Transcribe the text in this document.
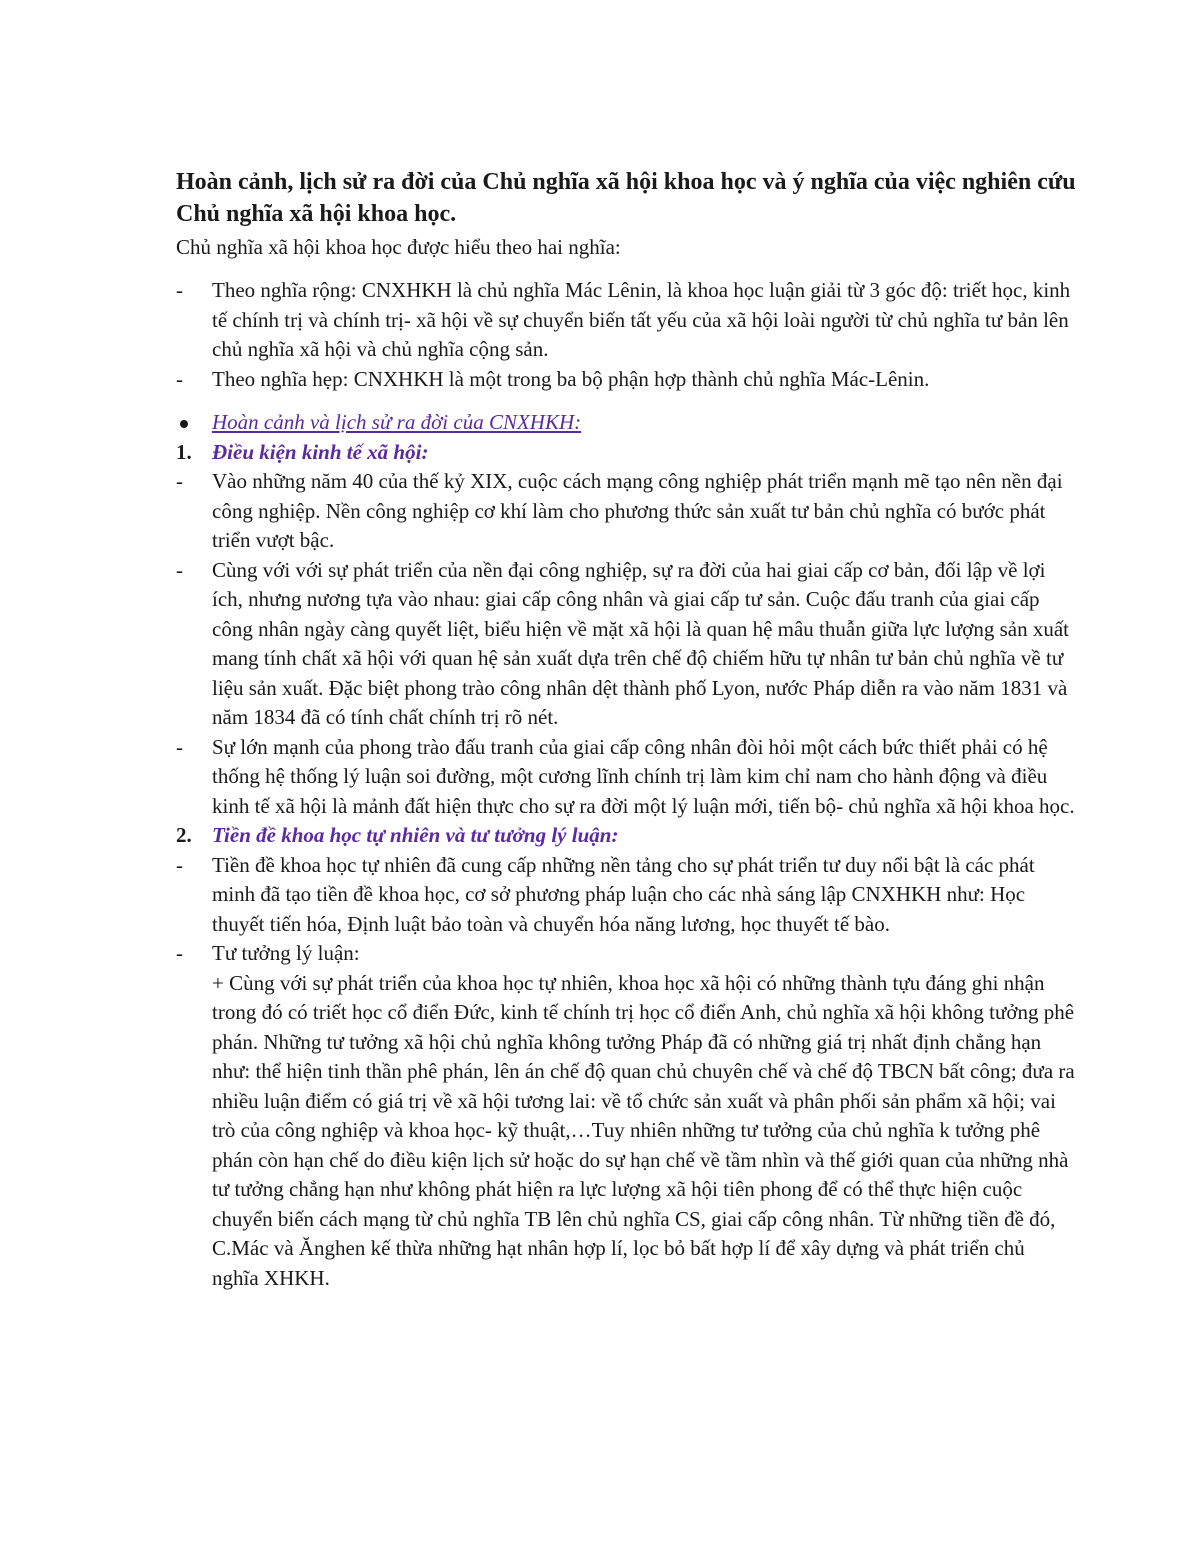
Hoàn cảnh, lịch sử ra đời của Chủ nghĩa xã hội khoa học và ý nghĩa của việc nghiên cứu Chủ nghĩa xã hội khoa học.

Chủ nghĩa xã hội khoa học được hiểu theo hai nghĩa:

-	Theo nghĩa rộng: CNXHKH là chủ nghĩa Mác Lênin, là khoa học luận giải từ 3 góc độ: triết học, kinh tế chính trị và chính trị- xã hội về sự chuyển biến tất yếu của xã hội loài người từ chủ nghĩa tư bản lên chủ nghĩa xã hội và chủ nghĩa cộng sản.
-	Theo nghĩa hẹp: CNXHKH là một trong ba bộ phận hợp thành chủ nghĩa Mác-Lênin.
Hoàn cảnh và lịch sử ra đời của CNXHKH:
1. Điều kiện kinh tế xã hội:
-	Vào những năm 40 của thế kỷ XIX, cuộc cách mạng công nghiệp phát triển mạnh mẽ tạo nên nền đại công nghiệp. Nền công nghiệp cơ khí làm cho phương thức sản xuất tư bản chủ nghĩa có bước phát triển vượt bậc.
-	Cùng với với sự phát triển của nền đại công nghiệp, sự ra đời của hai giai cấp cơ bản, đối lập về lợi ích, nhưng nương tựa vào nhau: giai cấp công nhân và giai cấp tư sản. Cuộc đấu tranh của giai cấp công nhân ngày càng quyết liệt, biểu hiện về mặt xã hội là quan hệ mâu thuẫn giữa lực lượng sản xuất mang tính chất xã hội với quan hệ sản xuất dựa trên chế độ chiếm hữu tự nhân tư bản chủ nghĩa về tư liệu sản xuất. Đặc biệt phong trào công nhân dệt thành phố Lyon, nước Pháp diễn ra vào năm 1831 và năm 1834 đã có tính chất chính trị rõ nét.
-	Sự lớn mạnh của phong trào đấu tranh của giai cấp công nhân đòi hỏi một cách bức thiết phải có hệ thống hệ thống lý luận soi đường, một cương lĩnh chính trị làm kim chỉ nam cho hành động và điều kinh tế xã hội là mảnh đất hiện thực cho sự ra đời một lý luận mới, tiến bộ- chủ nghĩa xã hội khoa học.
2. Tiền đề khoa học tự nhiên và tư tưởng lý luận:
-	Tiền đề khoa học tự nhiên đã cung cấp những nền tảng cho sự phát triển tư duy nổi bật là các phát minh đã tạo tiền đề khoa học, cơ sở phương pháp luận cho các nhà sáng lập CNXHKH như: Học thuyết tiến hóa, Định luật bảo toàn và chuyển hóa năng lương, học thuyết tế bào.
-	Tư tưởng lý luận:
+ Cùng với sự phát triển của khoa học tự nhiên, khoa học xã hội có những thành tựu đáng ghi nhận trong đó có triết học cổ điển Đức, kinh tế chính trị học cổ điển Anh, chủ nghĩa xã hội không tưởng phê phán. Những tư tưởng xã hội chủ nghĩa không tưởng Pháp đã có những giá trị nhất định chẳng hạn như: thể hiện tinh thần phê phán, lên án chế độ quan chủ chuyên chế và chế độ TBCN bất công; đưa ra nhiều luận điểm có giá trị về xã hội tương lai: về tổ chức sản xuất và phân phối sản phẩm xã hội; vai trò của công nghiệp và khoa học- kỹ thuật,…Tuy nhiên những tư tưởng của chủ nghĩa k tưởng phê phán còn hạn chế do điều kiện lịch sử hoặc do sự hạn chế về tầm nhìn và thế giới quan của những nhà tư tưởng chẳng hạn như không phát hiện ra lực lượng xã hội tiên phong để có thể thực hiện cuộc chuyển biến cách mạng từ chủ nghĩa TB lên chủ nghĩa CS, giai cấp công nhân. Từ những tiền đề đó, C.Mác và Ănghen kế thừa những hạt nhân hợp lí, lọc bỏ bất hợp lí để xây dựng và phát triển chủ nghĩa XHKH.
